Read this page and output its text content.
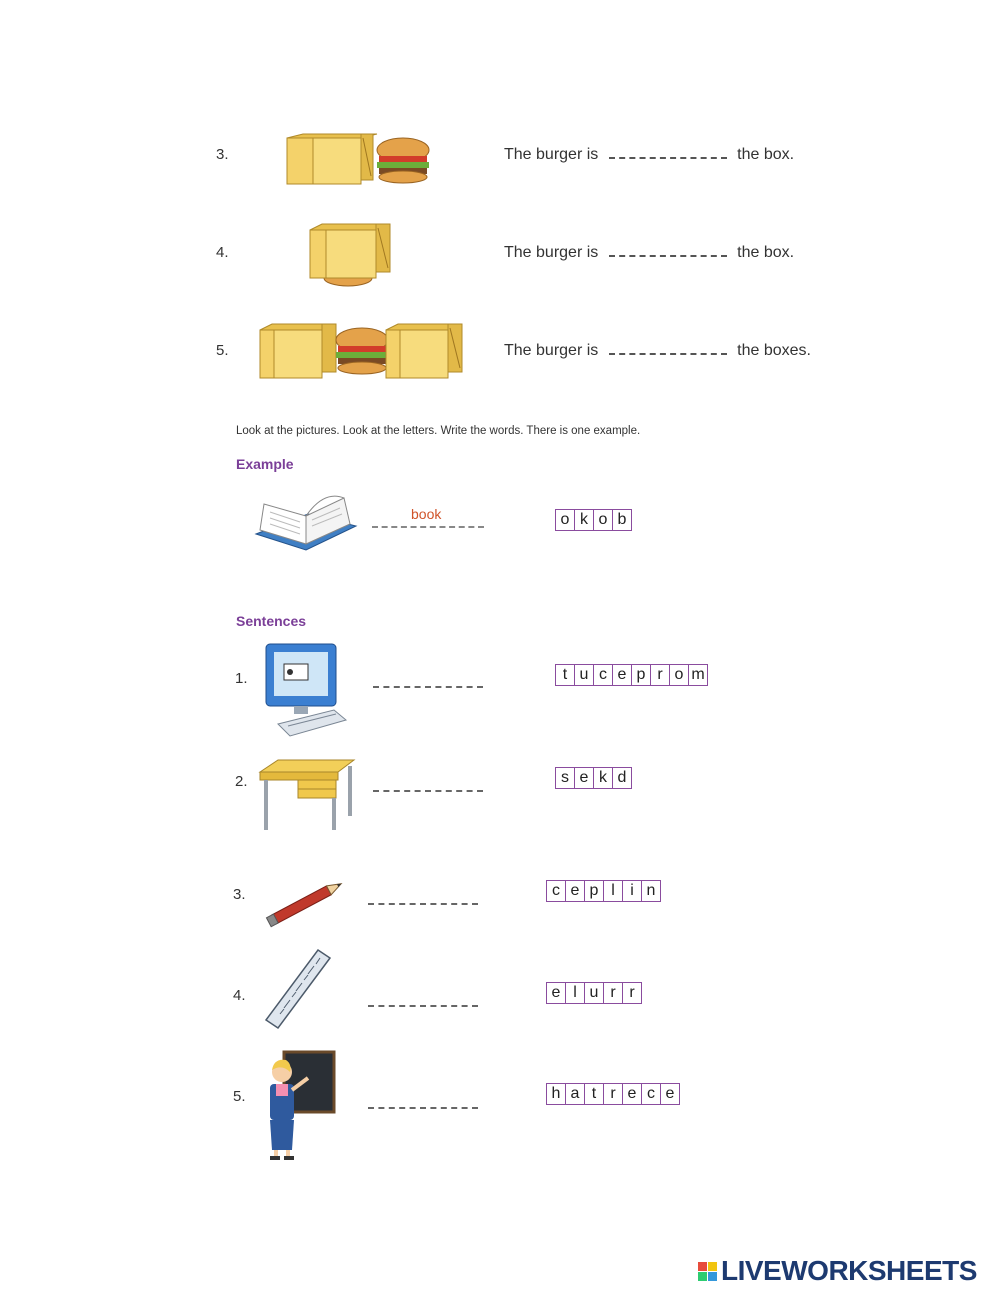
3.	The burger is	the box.
4.	The burger is	the box.
5.	The burger is	the boxes.
Look at the pictures. Look at the letters. Write the words. There is one example.
Example
book	o k o b
Sentences
1.	t u c e p r o m
2.	s e k d
3.	c e p l i n
4.	e l u r r
5.	h a t r e c e
LIVEWORKSHEETS
